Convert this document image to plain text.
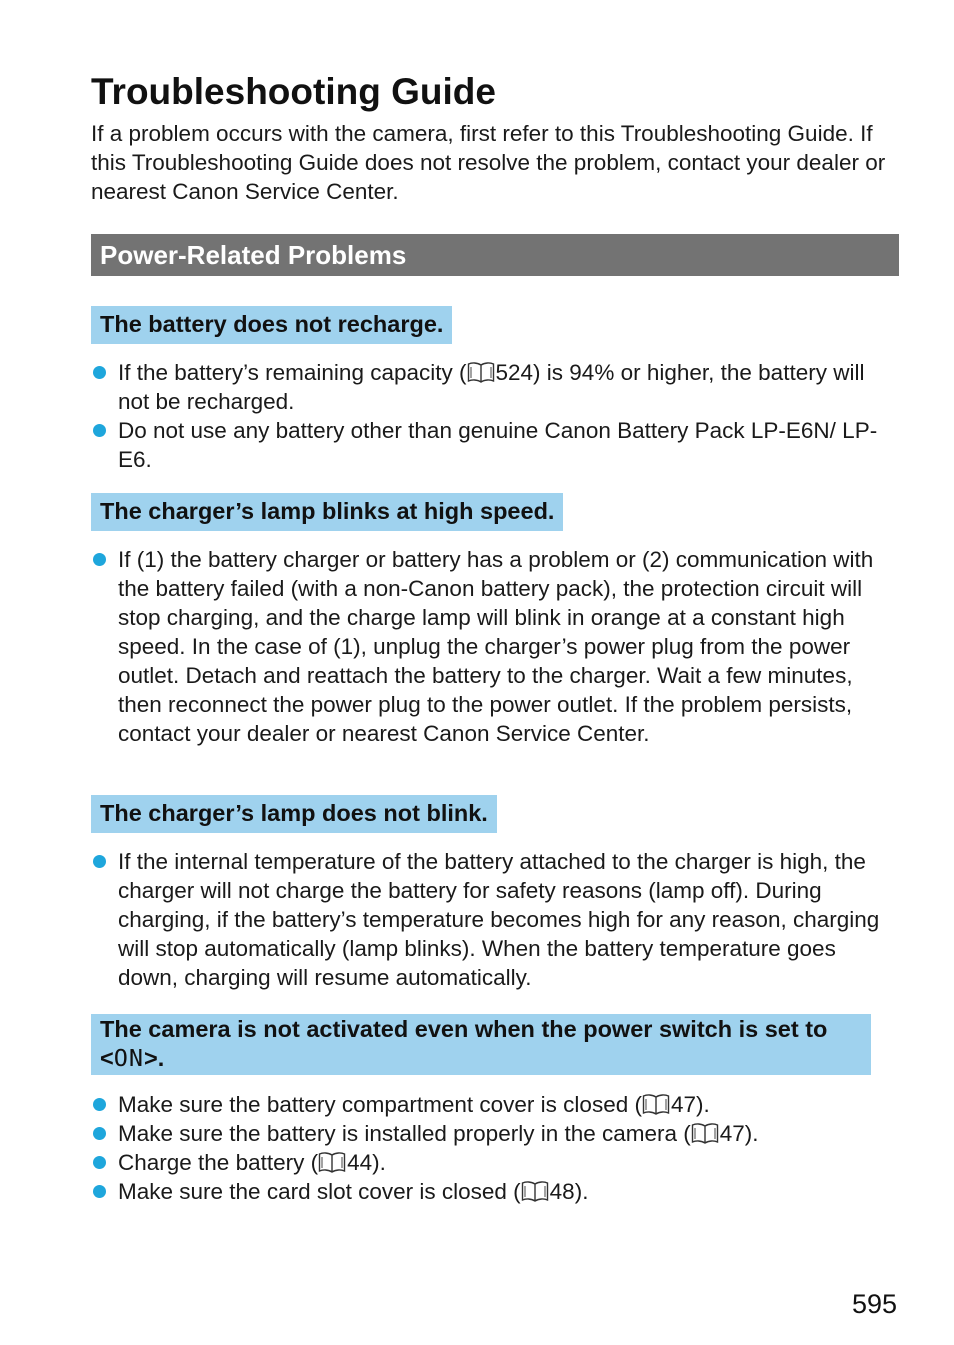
Troubleshooting Guide

If a problem occurs with the camera, first refer to this Troubleshooting Guide. If this Troubleshooting Guide does not resolve the problem, contact your dealer or nearest Canon Service Center.

Power-Related Problems
The battery does not recharge.
If the battery’s remaining capacity ( 524) is 94% or higher, the battery will not be recharged.
Do not use any battery other than genuine Canon Battery Pack LP-E6N/ LP-E6.
The charger’s lamp blinks at high speed.
If (1) the battery charger or battery has a problem or (2) communication with the battery failed (with a non-Canon battery pack), the protection circuit will stop charging, and the charge lamp will blink in orange at a constant high speed. In the case of (1), unplug the charger’s power plug from the power outlet. Detach and reattach the battery to the charger. Wait a few minutes, then reconnect the power plug to the power outlet. If the problem persists, contact your dealer or nearest Canon Service Center.
The charger’s lamp does not blink.
If the internal temperature of the battery attached to the charger is high, the charger will not charge the battery for safety reasons (lamp off). During charging, if the battery’s temperature becomes high for any reason, charging will stop automatically (lamp blinks). When the battery temperature goes down, charging will resume automatically.
The camera is not activated even when the power switch is set to <ON>.
Make sure the battery compartment cover is closed ( 47).
Make sure the battery is installed properly in the camera ( 47).
Charge the battery ( 44).
Make sure the card slot cover is closed ( 48).
595
